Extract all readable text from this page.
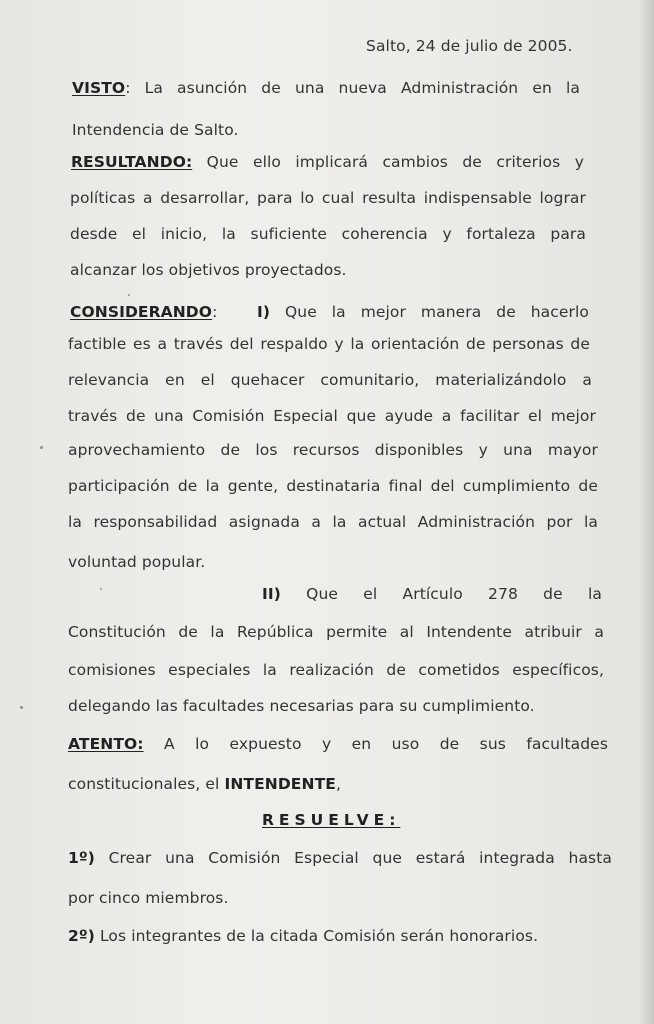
Salto, 24 de julio de 2005.
VISTO: La asunción de una nueva Administración en la
Intendencia de Salto.
RESULTANDO: Que ello implicará cambios de criterios y
políticas a desarrollar, para lo cual resulta indispensable lograr
desde el inicio, la suficiente coherencia y fortaleza para
alcanzar los objetivos proyectados.
CONSIDERANDO:	I) Que la mejor manera de hacerlo
factible es a través del respaldo y la orientación de personas de
relevancia en el quehacer comunitario, materializándolo a
través de una Comisión Especial que ayude a facilitar el mejor
aprovechamiento de los recursos disponibles y una mayor
participación de la gente, destinataria final del cumplimiento de
la responsabilidad asignada a la actual Administración por la
voluntad popular.
II) Que el Artículo 278 de la
Constitución de la República permite al Intendente atribuir a
comisiones especiales la realización de cometidos específicos,
delegando las facultades necesarias para su cumplimiento.
ATENTO: A lo expuesto y en uso de sus facultades
constitucionales, el INTENDENTE,
RESUELVE:
1º) Crear una Comisión Especial que estará integrada hasta
por cinco miembros.
2º) Los integrantes de la citada Comisión serán honorarios.
